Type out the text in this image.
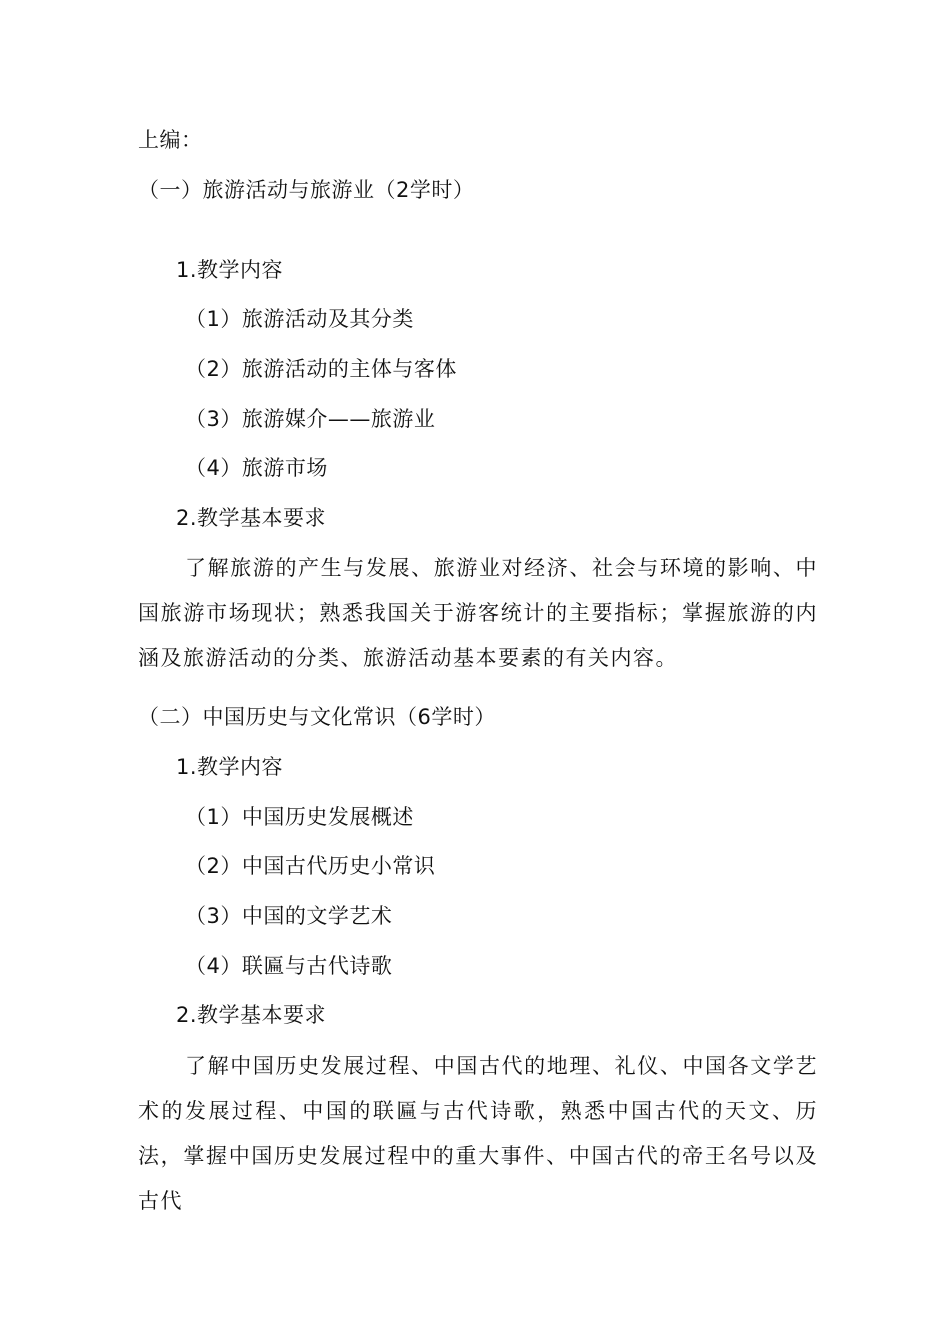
上编：
（一）旅游活动与旅游业（2学时）
1.教学内容
（1）旅游活动及其分类
（2）旅游活动的主体与客体
（3）旅游媒介——旅游业
（4）旅游市场
2.教学基本要求
了解旅游的产生与发展、旅游业对经济、社会与环境的影响、中国旅游市场现状；熟悉我国关于游客统计的主要指标；掌握旅游的内涵及旅游活动的分类、旅游活动基本要素的有关内容。
（二）中国历史与文化常识（6学时）
1.教学内容
（1）中国历史发展概述
（2）中国古代历史小常识
（3）中国的文学艺术
（4）联匾与古代诗歌
2.教学基本要求
了解中国历史发展过程、中国古代的地理、礼仪、中国各文学艺术的发展过程、中国的联匾与古代诗歌，熟悉中国古代的天文、历法，掌握中国历史发展过程中的重大事件、中国古代的帝王名号以及古代
